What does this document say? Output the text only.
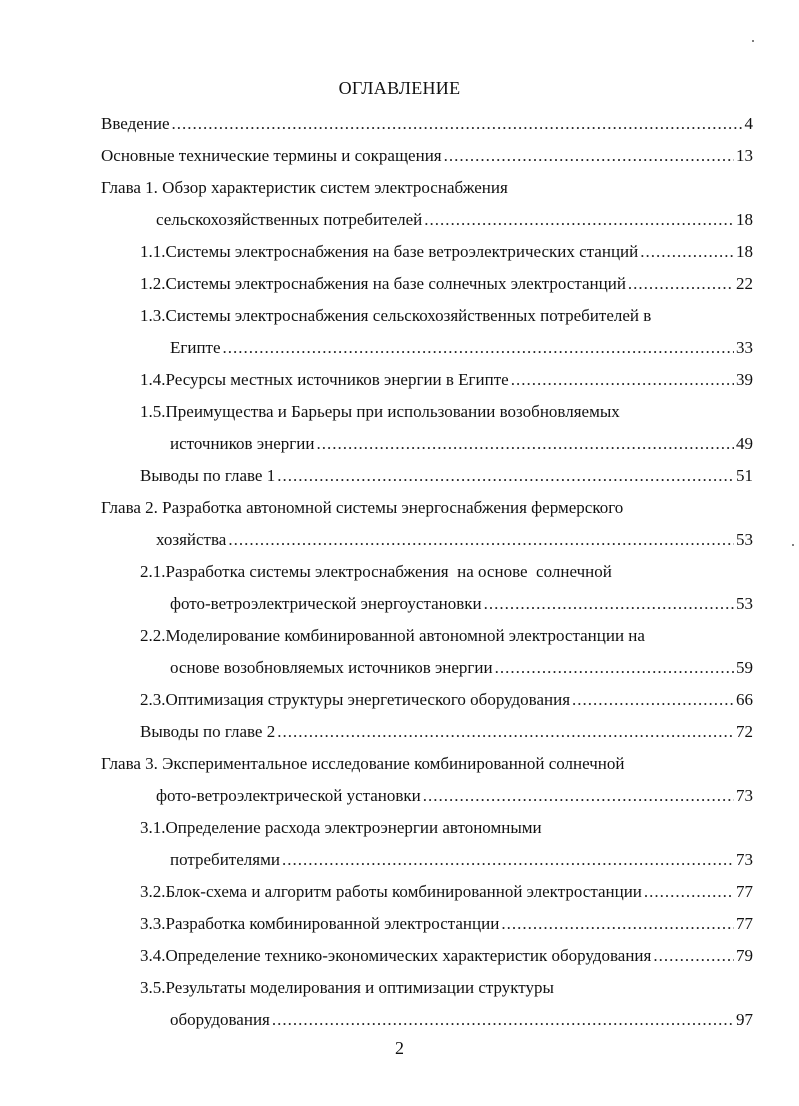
ОГЛАВЛЕНИЕ
Введение .....	4
Основные технические термины и сокращения .....	13
Глава 1. Обзор характеристик систем электроснабжения
сельскохозяйственных потребителей .....	18
1.1.Системы электроснабжения на базе ветроэлектрических станций .....	18
1.2.Системы электроснабжения на базе солнечных электростанций .....	22
1.3.Системы электроснабжения сельскохозяйственных потребителей в
Египте .....	33
1.4.Ресурсы местных источников энергии в Египте .....	39
1.5.Преимущества и Барьеры при использовании возобновляемых
источников энергии .....	49
Выводы по главе 1 .....	51
Глава 2. Разработка автономной системы энергоснабжения фермерского
хозяйства .....	53
2.1.Разработка системы электроснабжения  на основе  солнечной
фото-ветроэлектрической энергоустановки .....	53
2.2.Моделирование комбинированной автономной электростанции на
основе возобновляемых источников энергии .....	59
2.3.Оптимизация структуры энергетического оборудования .....	66
Выводы по главе 2 .....	72
Глава 3. Экспериментальное исследование комбинированной солнечной
фото-ветроэлектрической установки .....	73
3.1.Определение расхода электроэнергии автономными
потребителями .....	73
3.2.Блок-схема и алгоритм работы комбинированной электростанции .....	77
3.3.Разработка комбинированной электростанции .....	77
3.4.Определение технико-экономических характеристик оборудования .....	79
3.5.Результаты моделирования и оптимизации структуры
оборудования .....	97
2
